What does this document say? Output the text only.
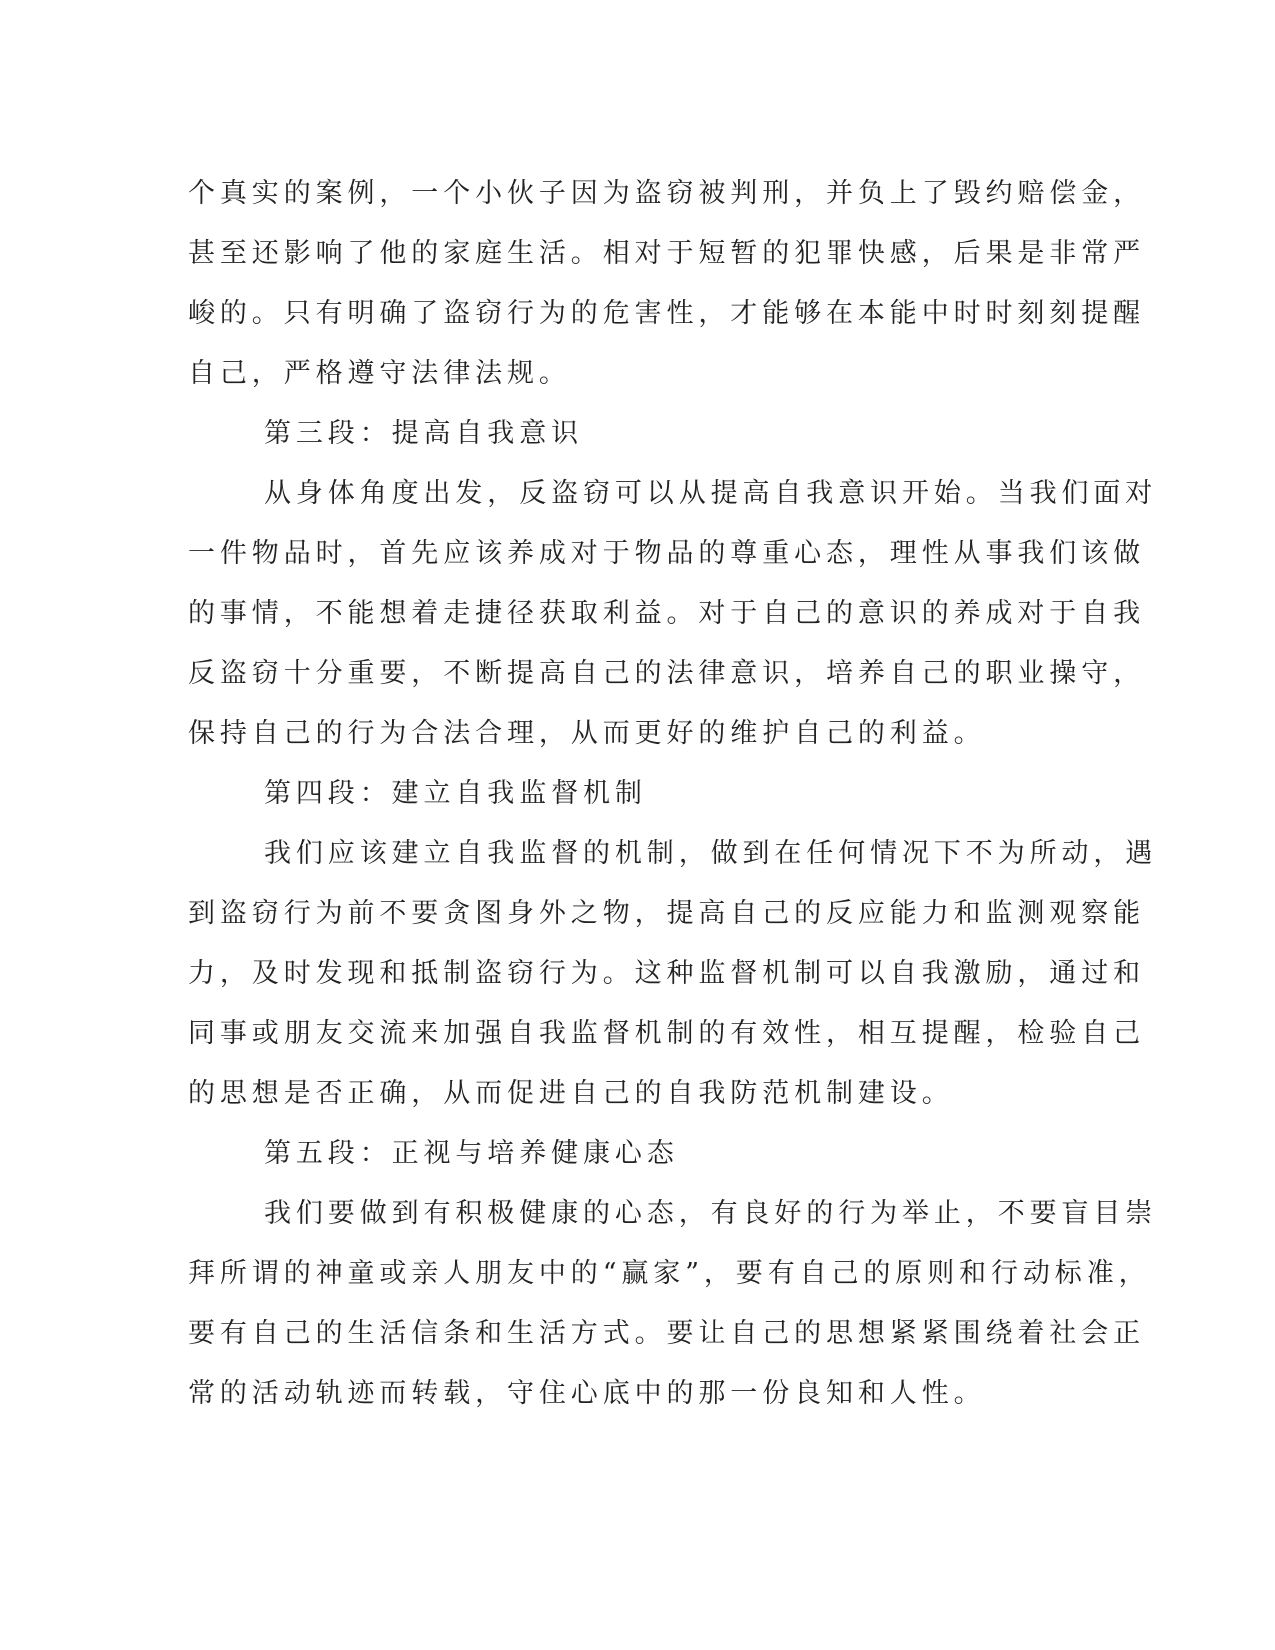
个真实的案例，一个小伙子因为盗窃被判刑，并负上了毁约赔偿金，
甚至还影响了他的家庭生活。相对于短暂的犯罪快感，后果是非常严
峻的。只有明确了盗窃行为的危害性，才能够在本能中时时刻刻提醒
自己，严格遵守法律法规。
第三段：提高自我意识
从身体角度出发，反盗窃可以从提高自我意识开始。当我们面对
一件物品时，首先应该养成对于物品的尊重心态，理性从事我们该做
的事情，不能想着走捷径获取利益。对于自己的意识的养成对于自我
反盗窃十分重要，不断提高自己的法律意识，培养自己的职业操守，
保持自己的行为合法合理，从而更好的维护自己的利益。
第四段：建立自我监督机制
我们应该建立自我监督的机制，做到在任何情况下不为所动，遇
到盗窃行为前不要贪图身外之物，提高自己的反应能力和监测观察能
力，及时发现和抵制盗窃行为。这种监督机制可以自我激励，通过和
同事或朋友交流来加强自我监督机制的有效性，相互提醒，检验自己
的思想是否正确，从而促进自己的自我防范机制建设。
第五段：正视与培养健康心态
我们要做到有积极健康的心态，有良好的行为举止，不要盲目崇
拜所谓的神童或亲人朋友中的“赢家”，要有自己的原则和行动标准，
要有自己的生活信条和生活方式。要让自己的思想紧紧围绕着社会正
常的活动轨迹而转载，守住心底中的那一份良知和人性。
